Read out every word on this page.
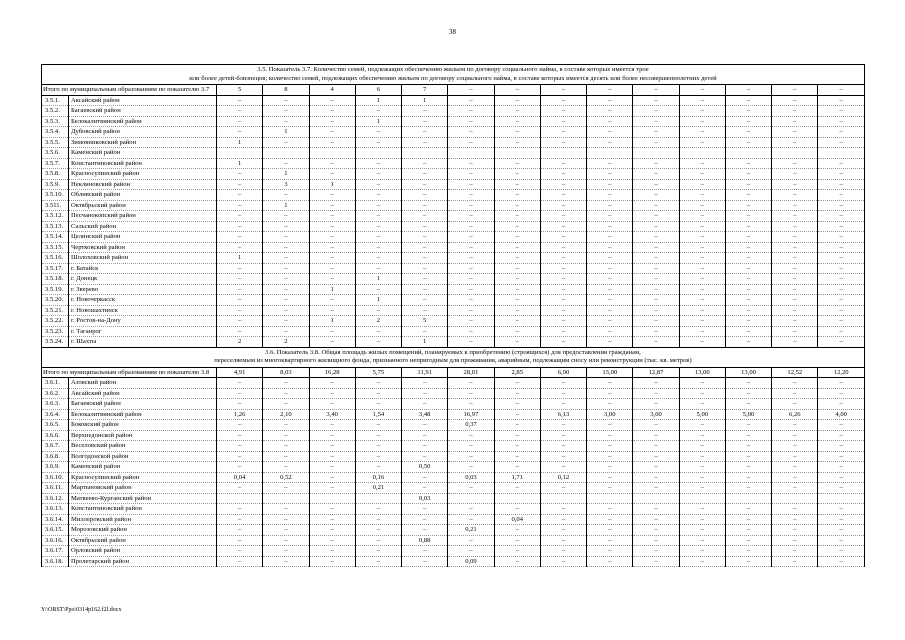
38
3.5. Показатель 3.7. Количество семей, подлежащих обеспечению жильем по договору социального найма, в составе которых имеется трое
или более детей-близнецов; количество семей, подлежащих обеспечению жильем по договору социального найма, в составе которых имеется десять или более несовершеннолетних детей															

Итого по муниципальным образованиям по показателю 3.7		5	8	4	6	7	–	–	–	–	–	–	–	–	–
3.5.1.	Аксайский район	–	–	–	1	1	–	–	–	–	–	–	–	–	–
3.5.2.	Багаевский район	–	–	–	–	–	–	–	–	–	–	–	–	–	–
3.5.3.	Белокалитвинский район	–	–	–	1	–	–	–	–	–	–	–	–	–	–
3.5.4.	Дубовский район	–	1	–	–	–	–	–	–	–	–	–	–	–	–
3.5.5.	Зимовниковский район	1	–	–	–	–	–	–	–	–	–	–	–	–	–
3.5.6.	Каменский район														
3.5.7.	Константиновский район	1	–	–	–	–	–	–	–	–	–	–	–	–	–
3.5.8.	Красносулинский район	–	1	–	–	–	–	–	–	–	–	–	–	–	–
3.5.9.	Неклиновский район	–	3	1	–	–	–	–	–	–	–	–	–	–	–
3.5.10.	Обливский район	–	–	–	–	–	–	–	–	–	–	–	–	–	–
3.511.	Октябрьский район	–	1	–	–	–	–	–	–	–	–	–	–	–	–
3.5.12.	Песчанокопский район	–	–	–	–	–	–	–	–	–	–	–	–	–	–
3.5.13.	Сальский район	–	–	–	–	–	–	–	–	–	–	–	–	–	–
3.5.14.	Целинский район	–	–	–	–	–	–	–	–	–	–	–	–	–	–
3.5.15.	Чертковский район	–	–	–	–	–	–	–	–	–	–	–	–	–	–
3.5.16.	Шолоховский район	1	–	–	–	–	–	–	–	–	–	–	–	–	–
3.5.17.	г. Батайск	–	–	–	–	–	–	–	–	–	–	–	–	–	–
3.5.18.	г. Донецк	–	–	–	1	–	–	–	–	–	–	–	–	–	–
3.5.19.	г. Зверево	–	–	1	–	–	–	–	–	–	–	–	–	–	–
3.5.20.	г. Новочеркасск	–	–	–	1	–	–	–	–	–	–	–	–	–	–
3.5.21.	г. Новошахтинск	–	–	–	–	–	–	–	–	–	–	–	–	–	–
3.5.22.	г. Ростов-на-Дону	–	–	1	2	5	–	–	–	–	–	–	–	–	–
3.5.23.	г. Таганрог	–	–	–	–	–	–	–	–	–	–	–	–	–	–
3.5.24.	г. Шахты	2	2	–	–	1	–	–	–	–	–	–	–	–	–

3.6. Показатель 3.8. Общая площадь жилых помещений, планируемых к приобретению (строящихся) для предоставления гражданам,
переселяемым из многоквартирного жилищного фонда, признанного непригодным для проживания, аварийным, подлежащим сносу или реконструкции (тыс. кв. метров)															

Итого по муниципальным образованиям по показателю 3.8		4,91	8,03	16,28	5,75	11,91	28,01	2,85	6,90	13,00	12,87	13,00	13,00	12,52	12,20
3.6.1.	Азовский район	–	–	–	–	–	–	–	–	–	–	–	–	–	–
3.6.2.	Аксайский район	–	–	–	–	–	–	–	–	–	–	–	–	–	–
3.6.3.	Багаевский район	–	–	–	–	–	–	–	–	–	–	–	–	–	–
3.6.4.	Белокалитвинский район	1,26	2,10	3,40	1,54	3,48	16,97	–	6,13	3,00	3,00	5,00	5,00	6,26	4,00
3.6.5.	Боковский район	–	–	–	–	–	0,37	–	–	–	–	–	–	–	–
3.6.6.	Верхнедонской район	–	–	–	–	–	–	–	–	–	–	–	–	–	–
3.6.7.	Веселовский район	–	–	–	–	–	–	–	–	–	–	–	–	–	–
3.6.8.	Волгодонской район	–	–	–	–	–	–	–	–	–	–	–	–	–	–
3.6.9.	Каменский район	–	–	–	–	0,50	–	–	–	–	–	–	–	–	–
3.6.10.	Красносулинский район	0,04	0,52	–	0,16	–	0,03	1,71	0,12	–	–	–	–	–	–
3.6.11.	Мартыновский район	–	–	–	0,21	–	–	–	–	–	–	–	–	–	–
3.6.12.	Матвеево-Курганский район					0,03									
3.6.13.	Константиновский район	–	–	–	–	–	–	–	–	–	–	–	–	–	–
3.6.14.	Миллеровский район	–	–	–	–	–	–	0,04	–	–	–	–	–	–	–
3.6.15.	Морозовский район	–	–	–	–	–	0,21	–	–	–	–	–	–	–	–
3.6.16.	Октябрьский район	–	–	–	–	0,88	–	–	–	–	–	–	–	–	–
3.6.17.	Орловский район	–	–	–	–	–	–	–	–	–	–	–	–	–	–
3.6.18.	Пролетарский район	–	–	–	–	–	0,09	–	–	–	–	–	–	–	–
Y:\ORST\Ppo\0314p162.f2l.docx
